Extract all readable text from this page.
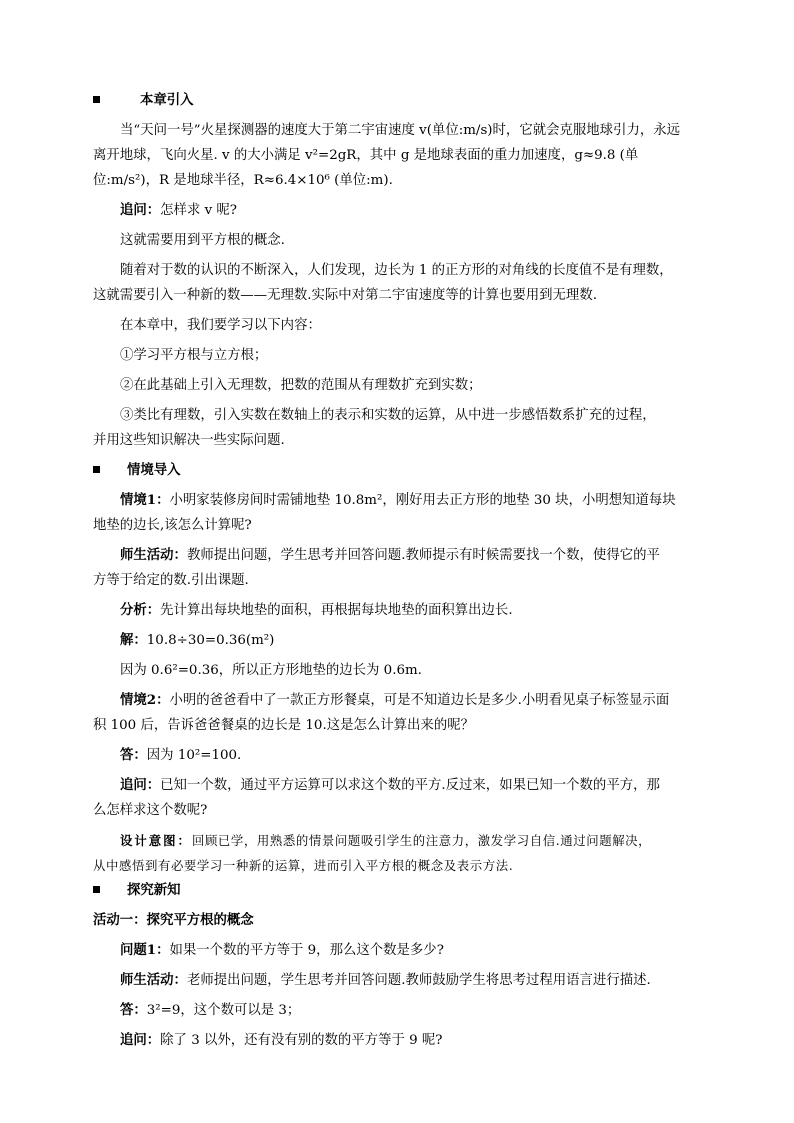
本章引入

当“天问一号”火星探测器的速度大于第二宇宙速度 v(单位:m/s)时，它就会克服地球引力，永远

离开地球，飞向火星. v 的大小满足 v²=2gR，其中 g 是地球表面的重力加速度，g≈9.8 (单

位:m/s²)，R 是地球半径，R≈6.4×10⁶ (单位:m).

追问：怎样求 v 呢?

这就需要用到平方根的概念.

随着对于数的认识的不断深入，人们发现，边长为 1 的正方形的对角线的长度值不是有理数，

这就需要引入一种新的数——无理数.实际中对第二宇宙速度等的计算也要用到无理数.

在本章中，我们要学习以下内容：

①学习平方根与立方根；

②在此基础上引入无理数，把数的范围从有理数扩充到实数；

③类比有理数，引入实数在数轴上的表示和实数的运算，从中进一步感悟数系扩充的过程，

并用这些知识解决一些实际问题.

情境导入

情境1：小明家装修房间时需铺地垫 10.8m²，刚好用去正方形的地垫 30 块，小明想知道每块

地垫的边长,该怎么计算呢?

师生活动：教师提出问题，学生思考并回答问题.教师提示有时候需要找一个数，使得它的平

方等于给定的数.引出课题.

分析：先计算出每块地垫的面积，再根据每块地垫的面积算出边长.

解：10.8÷30=0.36(m²)

因为 0.6²=0.36，所以正方形地垫的边长为 0.6m.

情境2：小明的爸爸看中了一款正方形餐桌，可是不知道边长是多少.小明看见桌子标签显示面

积 100 后，告诉爸爸餐桌的边长是 10.这是怎么计算出来的呢？

答：因为 10²=100.

追问：已知一个数，通过平方运算可以求这个数的平方.反过来，如果已知一个数的平方，那

么怎样求这个数呢?

设计意图：回顾已学，用熟悉的情景问题吸引学生的注意力，激发学习自信.通过问题解决，

从中感悟到有必要学习一种新的运算，进而引入平方根的概念及表示方法.

探究新知

活动一：探究平方根的概念

问题1：如果一个数的平方等于 9，那么这个数是多少?

师生活动：老师提出问题，学生思考并回答问题.教师鼓励学生将思考过程用语言进行描述.

答：3²=9，这个数可以是 3；

追问：除了 3 以外，还有没有别的数的平方等于 9 呢?
